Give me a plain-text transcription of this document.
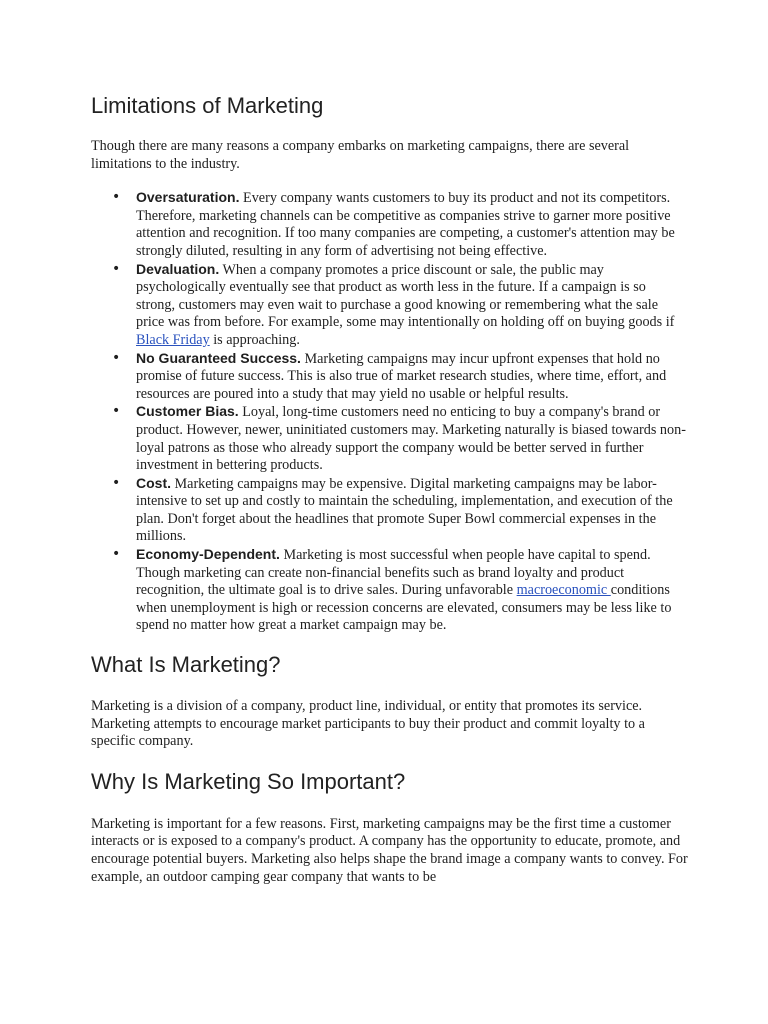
Limitations of Marketing

Though there are many reasons a company embarks on marketing campaigns, there are several limitations to the industry.

• Oversaturation. Every company wants customers to buy its product and not its competitors. Therefore, marketing channels can be competitive as companies strive to garner more positive attention and recognition. If too many companies are competing, a customer's attention may be strongly diluted, resulting in any form of advertising not being effective.
• Devaluation. When a company promotes a price discount or sale, the public may psychologically eventually see that product as worth less in the future. If a campaign is so strong, customers may even wait to purchase a good knowing or remembering what the sale price was from before. For example, some may intentionally on holding off on buying goods if Black Friday is approaching.
• No Guaranteed Success. Marketing campaigns may incur upfront expenses that hold no promise of future success. This is also true of market research studies, where time, effort, and resources are poured into a study that may yield no usable or helpful results.
• Customer Bias. Loyal, long-time customers need no enticing to buy a company's brand or product. However, newer, uninitiated customers may. Marketing naturally is biased towards non-loyal patrons as those who already support the company would be better served in further investment in bettering products.
• Cost. Marketing campaigns may be expensive. Digital marketing campaigns may be labor-intensive to set up and costly to maintain the scheduling, implementation, and execution of the plan. Don't forget about the headlines that promote Super Bowl commercial expenses in the millions.
• Economy-Dependent. Marketing is most successful when people have capital to spend. Though marketing can create non-financial benefits such as brand loyalty and product recognition, the ultimate goal is to drive sales. During unfavorable macroeconomic conditions when unemployment is high or recession concerns are elevated, consumers may be less like to spend no matter how great a market campaign may be.
What Is Marketing?

Marketing is a division of a company, product line, individual, or entity that promotes its service. Marketing attempts to encourage market participants to buy their product and commit loyalty to a specific company.

Why Is Marketing So Important?

Marketing is important for a few reasons. First, marketing campaigns may be the first time a customer interacts or is exposed to a company's product. A company has the opportunity to educate, promote, and encourage potential buyers. Marketing also helps shape the brand image a company wants to convey. For example, an outdoor camping gear company that wants to be
